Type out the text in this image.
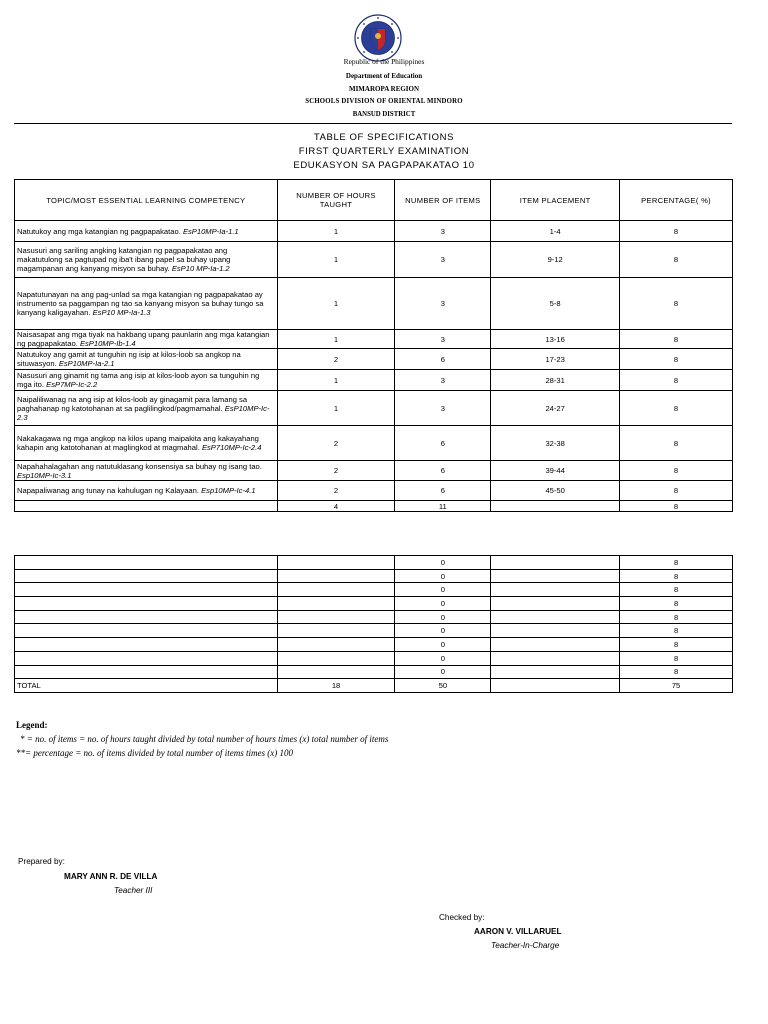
Republic of the Philippines
Department of Education
MIMAROPA REGION
SCHOOLS DIVISION OF ORIENTAL MINDORO
BANSUD DISTRICT
TABLE OF SPECIFICATIONS
FIRST QUARTERLY EXAMINATION
EDUKASYON SA PAGPAPAKATAO 10
TOPIC/MOST ESSENTIAL LEARNING COMPETENCY	NUMBER OF HOURS TAUGHT	NUMBER OF ITEMS	ITEM PLACEMENT	PERCENTAGE( %)
Natutukoy ang mga katangian ng pagpapakatao. EsP10MP-Ia-1.1	1	3	1-4	8
Nasusuri ang sariling angking katangian ng pagpapakatao ang makatutulong sa pagtupad ng iba't ibang papel sa buhay upang magampanan ang kanyang misyon sa buhay. EsP10 MP-Ia-1.2	1	3	9-12	8
Napatutunayan na ang pag-unlad sa mga katangian ng pagpapakatao ay instrumento sa paggampan ng tao sa kanyang misyon sa buhay tungo sa kanyang kaligayahan. EsP10 MP-Ia-1.3	1	3	5-8	8
Naisasapat ang mga tiyak na hakbang upang paunlarin ang mga katangian ng pagpapakatao. EsP10MP-Ib-1.4	1	3	13-16	8
Natutukoy ang gamit at tunguhin ng isip at kilos-loob sa angkop na situwasyon. EsP10MP-Ia-2.1	2	6	17-23	8
Nasusuri ang ginamit ng tama ang isip at kilos-loob ayon sa tunguhin ng mga ito. EsP7MP-Ic-2.2	1	3	28-31	8
Naipaliliwanag na ang isip at kilos-loob ay ginagamit para lamang sa paghahanap ng katotohanan at sa paglilingkod/pagmamahal. EsP10MP-Ic-2.3	1	3	24-27	8
Nakakagawa ng mga angkop na kilos upang maipakita ang kakayahang kahapin ang katotohanan at maglingkod at magmahal. EsP710MP-Ic-2.4	2	6	32-38	8
Napahahalagahan ang natutuklasang konsensiya sa buhay ng isang tao. Esp10MP-Ic-3.1	2	6	39-44	8
Napapaliwanag ang tunay na kahulugan ng Kalayaan. Esp10MP-Ic-4.1	2	6	45-50	8
	4	11		8
		0		8
		0		8
		0		8
		0		8
		0		8
		0		8
		0		8
		0		8
		0		8
TOTAL	18	50		75
Legend:
* = no. of items = no. of hours taught divided by total number of hours times (x) total number of items
**= percentage = no. of items divided by total number of items times (x) 100
Prepared by:
MARY ANN R. DE VILLA
Teacher III
Checked by:
AARON V. VILLARUEL
Teacher-In-Charge
